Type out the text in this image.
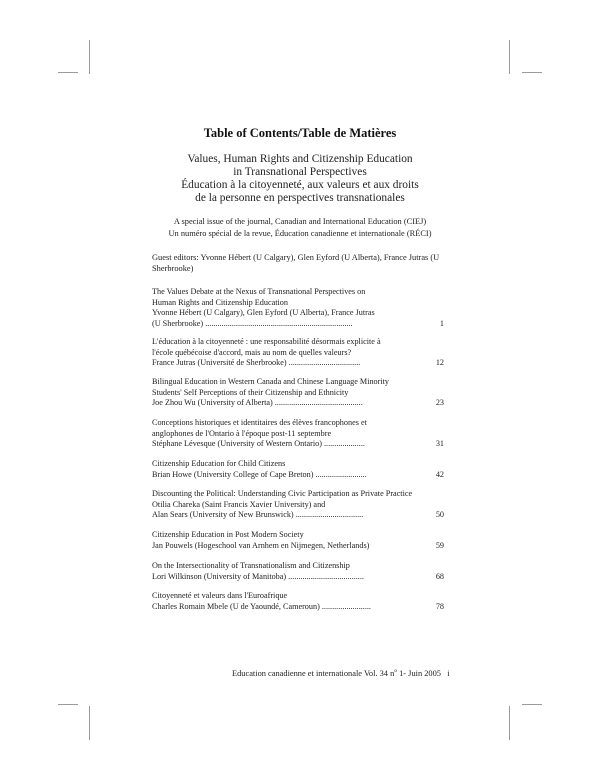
Table of Contents/Table de Matières
Values, Human Rights and Citizenship Education
in Transnational Perspectives
Éducation à la citoyenneté, aux valeurs et aux droits
de la personne en perspectives transnationales
A special issue of the journal, Canadian and International Education (CIEJ)
Un numéro spécial de la revue, Éducation canadienne et internationale (RÉCI)
Guest editors: Yvonne Hébert (U Calgary), Glen Eyford (U Alberta), France Jutras (U Sherbrooke)
The Values Debate at the Nexus of Transnational Perspectives on
Human Rights and Citizenship Education
Yvonne Hébert (U Calgary), Glen Eyford (U Alberta), France Jutras
(U Sherbrooke) ........................................................................	1
L'éducation à la citoyenneté : une responsabilité désormais explicite à
l'école québécoise d'accord, mais au nom de quelles valeurs?
France Jutras (Université de Sherbrooke) ...................................	12
Bilingual Education in Western Canada and Chinese Language Minority
Students' Self Perceptions of their Citizenship and Ethnicity
Joe Zhou Wu (University of Alberta) ...........................................	23
Conceptions historiques et identitaires des élèves francophones et
anglophones de l'Ontario à l'époque post-11 septembre
Stéphane Lévesque (University of Western Ontario) ....................	31
Citizenship Education for Child Citizens
Brian Howe (University College of Cape Breton) .........................	42
Discounting the Political: Understanding Civic Participation as Private Practice
Otilia Chareka (Saint Francis Xavier University) and
Alan Sears (University of New Brunswick) .................................	50
Citizenship Education in Post Modern Society
Jan Pouwels (Hogeschool van Arnhem en Nijmegen, Netherlands)	59
On the Intersectionality of Transnationalism and Citizenship
Lori Wilkinson (University of Manitoba) .....................................	68
Citoyenneté et valeurs dans l'Euroafrique
Charles Romain Mbele (U de Yaoundé, Cameroun) ........................	78
Education canadienne et internationale Vol. 34 $n^o$ 1- Juin 2005 i
